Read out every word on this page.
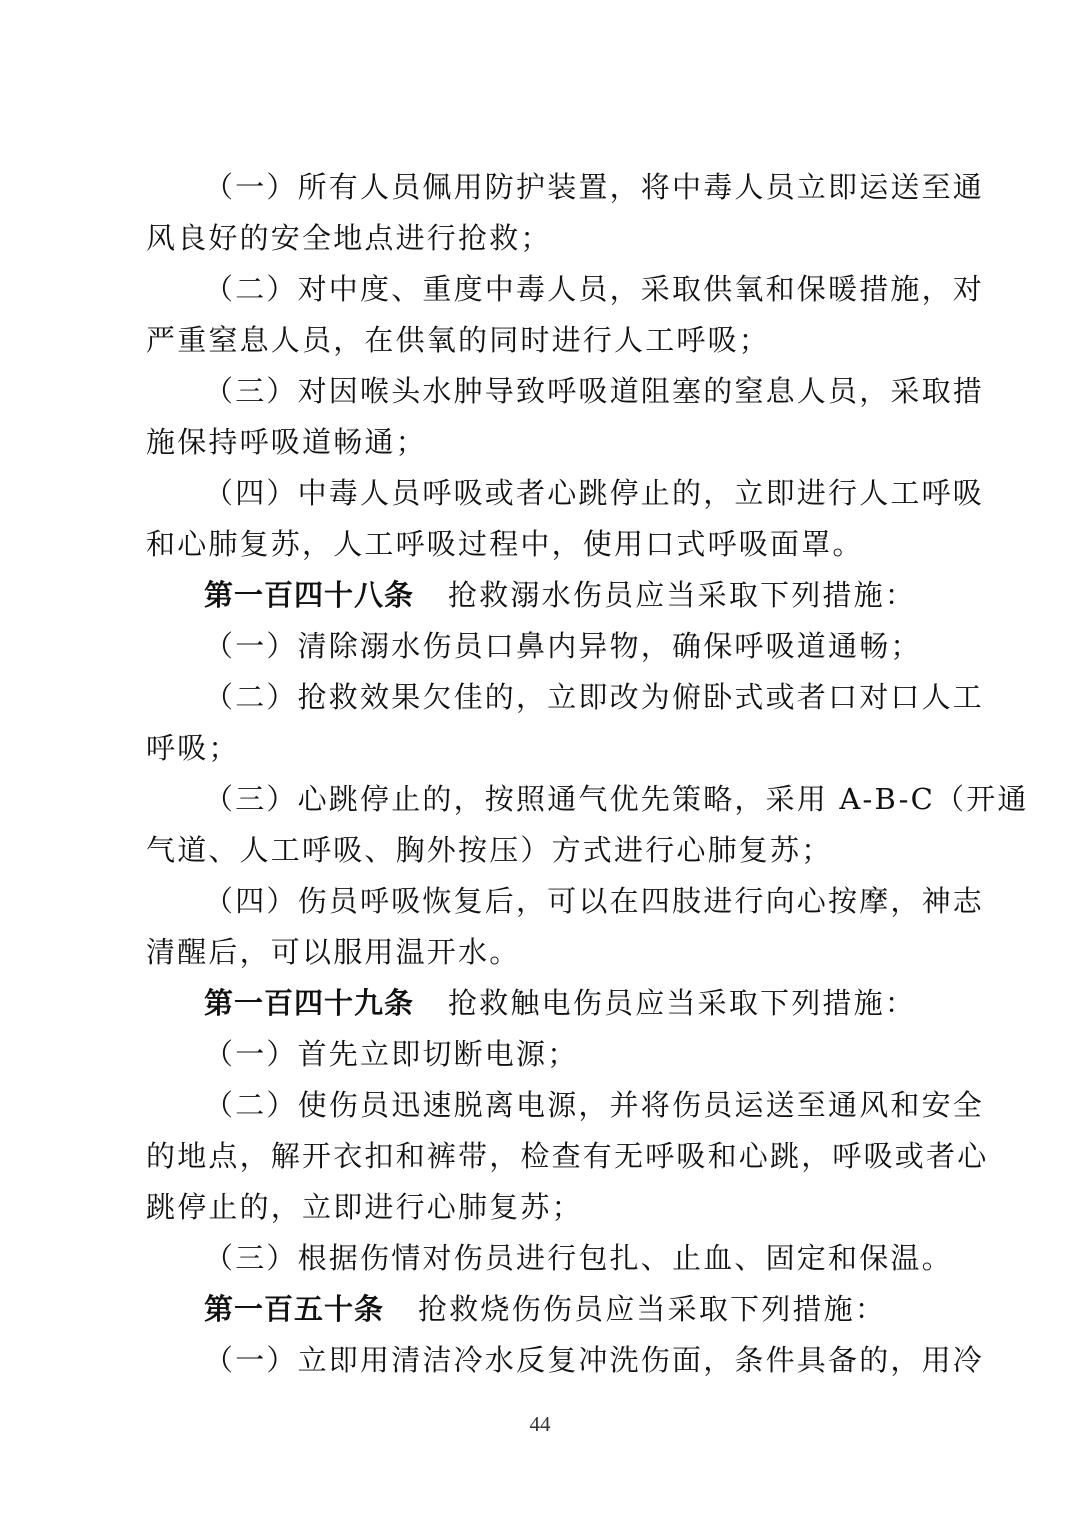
（一）所有人员佩用防护装置，将中毒人员立即运送至通
风良好的安全地点进行抢救；
（二）对中度、重度中毒人员，采取供氧和保暖措施，对
严重窒息人员，在供氧的同时进行人工呼吸；
（三）对因喉头水肿导致呼吸道阻塞的窒息人员，采取措
施保持呼吸道畅通；
（四）中毒人员呼吸或者心跳停止的，立即进行人工呼吸
和心肺复苏，人工呼吸过程中，使用口式呼吸面罩。
第一百四十八条 抢救溺水伤员应当采取下列措施：
（一）清除溺水伤员口鼻内异物，确保呼吸道通畅；
（二）抢救效果欠佳的，立即改为俯卧式或者口对口人工
呼吸；
（三）心跳停止的，按照通气优先策略，采用 A-B-C（开通
气道、人工呼吸、胸外按压）方式进行心肺复苏；
（四）伤员呼吸恢复后，可以在四肢进行向心按摩，神志
清醒后，可以服用温开水。
第一百四十九条 抢救触电伤员应当采取下列措施：
（一）首先立即切断电源；
（二）使伤员迅速脱离电源，并将伤员运送至通风和安全
的地点，解开衣扣和裤带，检查有无呼吸和心跳，呼吸或者心
跳停止的，立即进行心肺复苏；
（三）根据伤情对伤员进行包扎、止血、固定和保温。
第一百五十条 抢救烧伤伤员应当采取下列措施：
（一）立即用清洁冷水反复冲洗伤面，条件具备的，用冷
44
